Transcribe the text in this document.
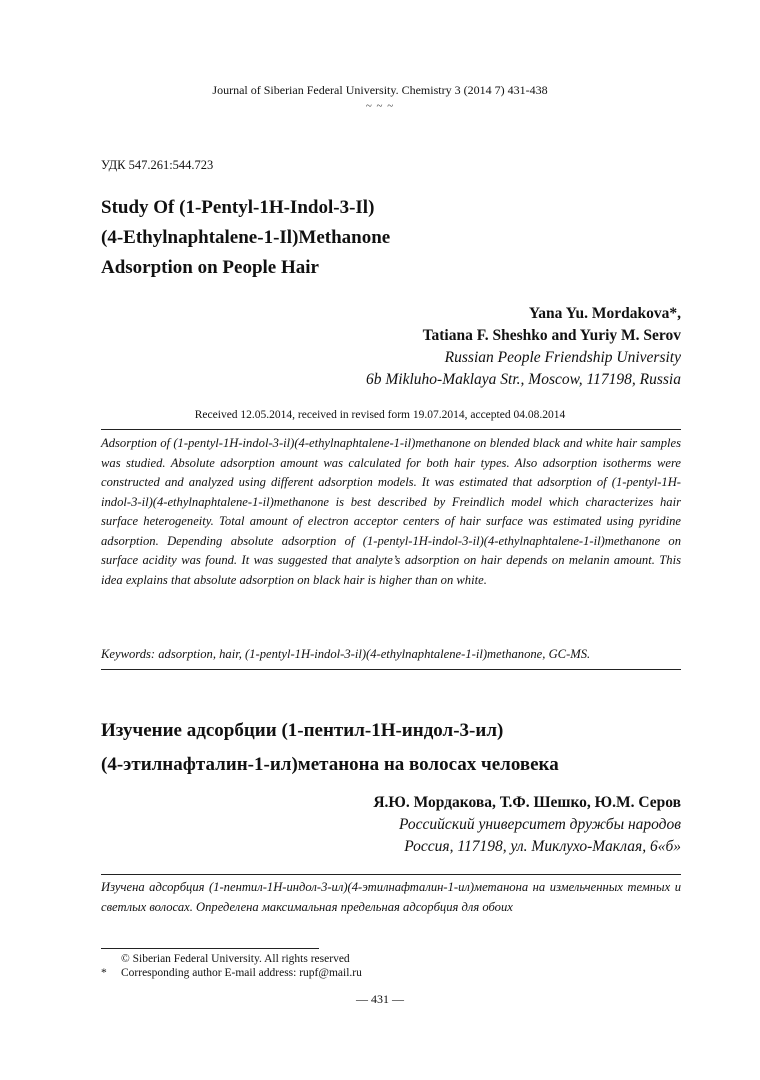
Journal of Siberian Federal University. Chemistry 3 (2014 7) 431-438
~ ~ ~
УДК 547.261:544.723
Study Of (1-Pentyl-1H-Indol-3-Il)
(4-Ethylnaphtalene-1-Il)Methanone
Adsorption on People Hair
Yana Yu. Mordakova*,
Tatiana F. Sheshko and Yuriy M. Serov
Russian People Friendship University
6b Mikluho-Maklaya Str., Moscow, 117198, Russia
Received 12.05.2014, received in revised form 19.07.2014, accepted 04.08.2014
Adsorption of (1-pentyl-1H-indol-3-il)(4-ethylnaphtalene-1-il)methanone on blended black and white hair samples was studied. Absolute adsorption amount was calculated for both hair types. Also adsorption isotherms were constructed and analyzed using different adsorption models. It was estimated that adsorption of (1-pentyl-1H-indol-3-il)(4-ethylnaphtalene-1-il)methanone is best described by Freindlich model which characterizes hair surface heterogeneity. Total amount of electron acceptor centers of hair surface was estimated using pyridine adsorption. Depending absolute adsorption of (1-pentyl-1H-indol-3-il)(4-ethylnaphtalene-1-il)methanone on surface acidity was found. It was suggested that analyte’s adsorption on hair depends on melanin amount. This idea explains that absolute adsorption on black hair is higher than on white.
Keywords: adsorption, hair, (1-pentyl-1H-indol-3-il)(4-ethylnaphtalene-1-il)methanone, GC-MS.
Изучение адсорбции (1-пентил-1Н-индол-3-ил)
(4-этилнафталин-1-ил)метанона на волосах человека
Я.Ю. Мордакова, Т.Ф. Шешко, Ю.М. Серов
Российский университет дружбы народов
Россия, 117198, ул. Миклухо-Маклая, 6«б»
Изучена адсорбция (1-пентил-1Н-индол-3-ил)(4-этилнафталин-1-ил)метанона на измельченных темных и светлых волосах. Определена максимальная предельная адсорбция для обоих
© Siberian Federal University. All rights reserved
*	Corresponding author E-mail address: rupf@mail.ru
— 431 —
